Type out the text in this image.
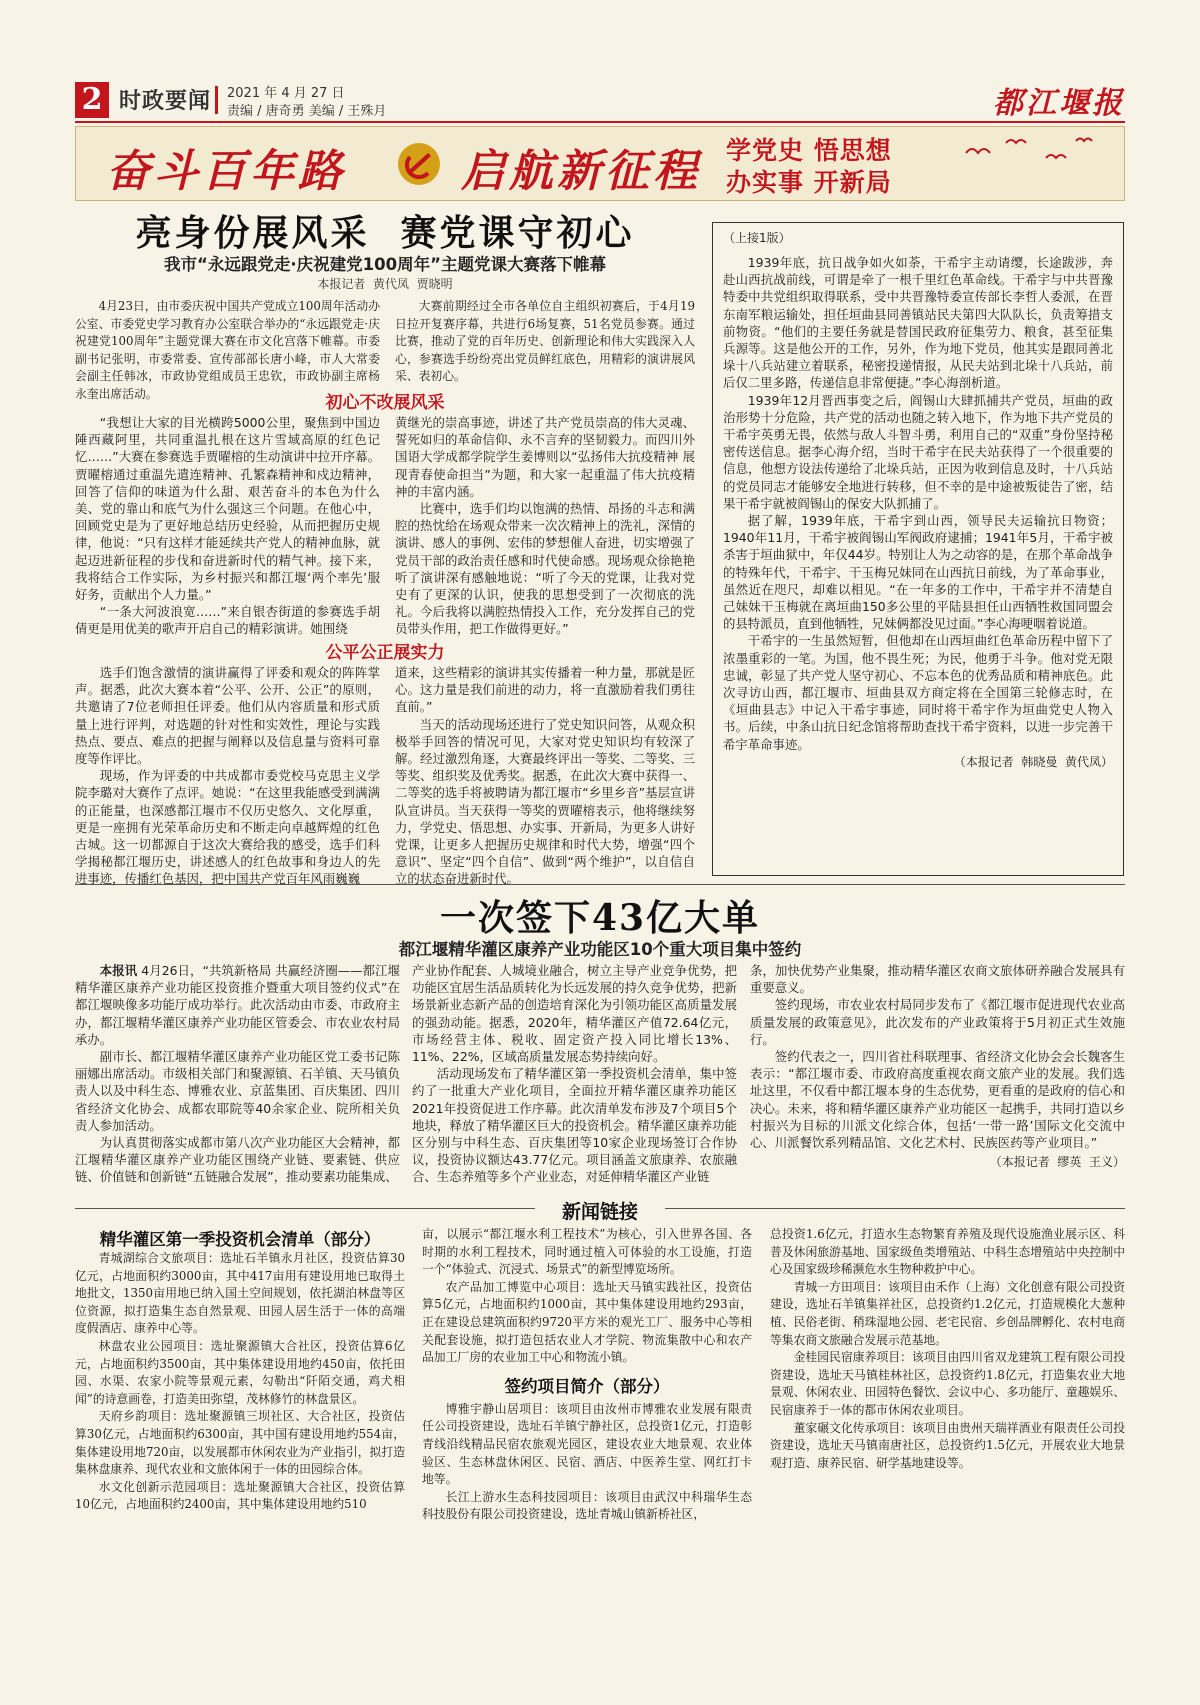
2 时政要闻 2021 年 4 月 27 日
责编 / 唐奇勇 美编 / 王殊月	都江堰报
奋斗百年路	启航新征程 学党史 悟思想
办实事 开新局
亮身份展风采  赛党课守初心
我市“永远跟党走·庆祝建党100周年”主题党课大赛落下帷幕
本报记者  黄代凤  贾晓明

4月23日，由市委庆祝中国共产党成立100周年活动办公室、市委党史学习教育办公室联合举办的“永远跟党走·庆祝建党100周年”主题党课大赛在市文化宫落下帷幕。市委副书记张明，市委常委、宣传部部长唐小峰，市人大常委会副主任韩冰，市政协党组成员王忠钦，市政协副主席杨永奎出席活动。

大赛前期经过全市各单位自主组织初赛后，于4月19日拉开复赛序幕，共进行6场复赛，51名党员参赛。通过比赛，推动了党的百年历史、创新理论和伟大实践深入人心，参赛选手纷纷亮出党员鲜红底色，用精彩的演讲展风采、表初心。

初心不改展风采

“我想让大家的目光横跨5000公里，聚焦到中国边陲西藏阿里，共同重温扎根在这片雪域高原的红色记忆……”大赛在参赛选手贾曜榕的生动演讲中拉开序幕。贾曜榕通过重温先遣连精神、孔繁森精神和戍边精神，回答了信仰的味道为什么甜、艰苦奋斗的本色为什么美、党的靠山和底气为什么强这三个问题。在他心中，回顾党史是为了更好地总结历史经验，从而把握历史规律，他说：“只有这样才能延续共产党人的精神血脉，就起迈进新征程的步伐和奋进新时代的精气神。接下来，我将结合工作实际，为乡村振兴和都江堰‘两个率先’服好务，贡献出个人力量。”

“一条大河波浪宽……”来自银杏街道的参赛选手胡倩更是用优美的歌声开启自己的精彩演讲。她围绕

黄继光的崇高事迹，讲述了共产党员崇高的伟大灵魂、誓死如归的革命信仰、永不言弃的坚韧毅力。而四川外国语大学成都学院学生姜博则以“弘扬伟大抗疫精神 展现青春使命担当”为题，和大家一起重温了伟大抗疫精神的丰富内涵。

比赛中，选手们均以饱满的热情、昂扬的斗志和满腔的热忱给在场观众带来一次次精神上的洗礼，深情的演讲、感人的事例、宏伟的梦想催人奋进，切实增强了党员干部的政治责任感和时代使命感。现场观众徐艳艳听了演讲深有感触地说：“听了今天的党课，让我对党史有了更深的认识，使我的思想受到了一次彻底的洗礼。今后我将以满腔热情投入工作，充分发挥自己的党员带头作用，把工作做得更好。”

公平公正展实力

选手们饱含激情的演讲赢得了评委和观众的阵阵掌声。据悉，此次大赛本着“公平、公开、公正”的原则，共邀请了7位老师担任评委。他们从内容质量和形式质量上进行评判，对选题的针对性和实效性，理论与实践热点、要点、难点的把握与阐释以及信息量与资料可靠度等作评比。

现场，作为评委的中共成都市委党校马克思主义学院李璐对大赛作了点评。她说：“在这里我能感受到满满的正能量，也深感都江堰市不仅历史悠久、文化厚重，更是一座拥有光荣革命历史和不断走向卓越辉煌的红色古城。这一切都源自于这次大赛给我的感受，选手们科学揭秘都江堰历史，讲述感人的红色故事和身边人的先进事迹，传播红色基因，把中国共产党百年风雨巍巍

道来，这些精彩的演讲其实传播着一种力量，那就是匠心。这力量是我们前进的动力，将一直激励着我们勇往直前。”

当天的活动现场还进行了党史知识问答，从观众积极举手回答的情况可见，大家对党史知识均有较深了解。经过激烈角逐，大赛最终评出一等奖、二等奖、三等奖、组织奖及优秀奖。据悉，在此次大赛中获得一、二等奖的选手将被聘请为都江堰市“乡里乡音”基层宣讲队宣讲员。当天获得一等奖的贾曜榕表示，他将继续努力，学党史、悟思想、办实事、开新局，为更多人讲好党课，让更多人把握历史规律和时代大势，增强“四个意识”、坚定“四个自信”、做到“两个维护”，以自信自立的状态奋进新时代。

（上接1版）

1939年底，抗日战争如火如荼，干希宇主动请缨，长途跋涉，奔赴山西抗战前线，可谓是牵了一根千里红色革命线。干希宇与中共晋豫特委中共党组织取得联系，受中共晋豫特委宣传部长李哲人委派，在晋东南军粮运输处，担任垣曲县同善镇站民夫第四大队队长，负责筹措支前物资。“他们的主要任务就是替国民政府征集劳力、粮食，甚至征集兵源等。这是他公开的工作，另外，作为地下党员，他其实是跟同善北垛十八兵站建立着联系，秘密投递情报，从民夫站到北垛十八兵站，前后仅二里多路，传递信息非常便捷。”李心海剖析道。

1939年12月晋西事变之后，阎锡山大肆抓捕共产党员，垣曲的政治形势十分危险，共产党的活动也随之转入地下，作为地下共产党员的干希宇英勇无畏，依然与敌人斗智斗勇，利用自己的“双重”身份坚持秘密传送信息。据李心海介绍，当时干希宇在民夫站获得了一个很重要的信息，他想方设法传递给了北垛兵站，正因为收到信息及时，十八兵站的党员同志才能够安全地进行转移，但不幸的是中途被叛徒告了密，结果干希宇就被阎锡山的保安大队抓捕了。

据了解，1939年底，干希宇到山西，领导民夫运输抗日物资；1940年11月，干希宇被阎锡山军阀政府逮捕；1941年5月，干希宇被杀害于垣曲狱中，年仅44岁。特别让人为之动容的是，在那个革命战争的特殊年代，干希宇、干玉梅兄妹同在山西抗日前线，为了革命事业，虽然近在咫尺，却难以相见。“在一年多的工作中，干希宇并不清楚自己妹妹干玉梅就在离垣曲150多公里的平陆县担任山西牺牲救国同盟会的县特派员，直到他牺牲，兄妹俩都没见过面。”李心海哽咽着说道。

干希宇的一生虽然短暂，但他却在山西垣曲红色革命历程中留下了浓墨重彩的一笔。为国，他不畏生死；为民，他勇于斗争。他对党无限忠诚，彰显了共产党人坚守初心、不忘本色的优秀品质和精神底色。此次寻访山西，都江堰市、垣曲县双方商定将在全国第三轮修志时，在《垣曲县志》中记入干希宇事迹，同时将干希宇作为垣曲党史人物入书。后续，中条山抗日纪念馆将帮助查找干希宇资料，以进一步完善干希宇革命事迹。

（本报记者  韩晓曼  黄代凤）
一次签下43亿大单
都江堰精华灌区康养产业功能区10个重大项目集中签约

本报讯 4月26日，“共筑新格局 共赢经济圈——都江堰精华灌区康养产业功能区投资推介暨重大项目签约仪式”在都江堰映像多功能厅成功举行。此次活动由市委、市政府主办，都江堰精华灌区康养产业功能区管委会、市农业农村局承办。

副市长、都江堰精华灌区康养产业功能区党工委书记陈丽娜出席活动。市级相关部门和聚源镇、石羊镇、天马镇负责人以及中科生态、博雅农业、京蓝集团、百庆集团、四川省经济文化协会、成都农耶院等40余家企业、院所相关负责人参加活动。

为认真贯彻落实成都市第八次产业功能区大会精神，都江堰精华灌区康养产业功能区围绕产业链、要素链、供应链、价值链和创新链“五链融合发展”，推动要素功能集成、

产业协作配套、人城境业融合，树立主导产业竞争优势，把功能区宜居生活品质转化为长远发展的持久竞争优势，把新场景新业态新产品的创造培育深化为引领功能区高质量发展的强劲动能。据悉，2020年，精华灌区产值72.64亿元，市场经营主体、税收、固定资产投入同比增长13%、11%、22%，区域高质量发展态势持续向好。

活动现场发布了精华灌区第一季投资机会清单，集中签约了一批重大产业化项目，全面拉开精华灌区康养功能区2021年投资促进工作序幕。此次清单发布涉及7个项目5个地块，释放了精华灌区巨大的投资机会。精华灌区康养功能区分别与中科生态、百庆集团等10家企业现场签订合作协议，投资协议额达43.77亿元。项目涵盖文旅康养、农旅融合、生态养殖等多个产业业态，对延伸精华灌区产业链

条，加快优势产业集聚，推动精华灌区农商文旅体研养融合发展具有重要意义。

签约现场，市农业农村局同步发布了《都江堰市促进现代农业高质量发展的政策意见》，此次发布的产业政策将于5月初正式生效施行。

签约代表之一，四川省社科联理事、省经济文化协会会长魏客生表示：“都江堰市委、市政府高度重视农商文旅产业的发展。我们选址这里，不仅看中都江堰本身的生态优势，更看重的是政府的信心和决心。未来，将和精华灌区康养产业功能区一起携手，共同打造以乡村振兴为目标的川派文化综合体，包括‘一带一路’国际文化交流中心、川派餐饮系列精品馆、文化艺术村、民族医药等产业项目。”

（本报记者  缪英  王义）
新闻链接
精华灌区第一季投资机会清单（部分）

青城湖综合文旅项目：选址石羊镇永月社区，投资估算30亿元，占地面积约3000亩，其中417亩用有建设用地已取得土地批文，1350亩用地已纳入国土空间规划，依托湖泊林盘等区位资源，拟打造集生态自然景观、田园人居生活于一体的高端度假酒店、康养中心等。

林盘农业公园项目：选址聚源镇大合社区，投资估算6亿元，占地面积约3500亩，其中集体建设用地约450亩，依托田园、水渠、农家小院等景观元素，勾勒出“阡陌交通，鸡犬相闻”的诗意画卷，打造美田弥望，茂林修竹的林盘景区。

天府乡韵项目：选址聚源镇三坝社区、大合社区，投资估算30亿元，占地面积约6300亩，其中国有建设用地约554亩，集体建设用地720亩，以发展都市休闲农业为产业指引，拟打造集林盘康养、现代农业和文旅体闲于一体的田园综合体。

水文化创新示范园项目：选址聚源镇大合社区，投资估算10亿元，占地面积约2400亩，其中集体建设用地约510

亩，以展示“都江堰水利工程技术”为核心，引入世界各国、各时期的水利工程技术，同时通过植入可体验的水工设施，打造一个“体验式、沉浸式、场景式”的新型博览场所。

农产品加工博览中心项目：选址天马镇实践社区，投资估算5亿元，占地面积约1000亩，其中集体建设用地约293亩，正在建设总建筑面积约9720平方米的观光工厂、服务中心等相关配套设施，拟打造包括农业人才学院、物流集散中心和农产品加工厂房的农业加工中心和物流小镇。

签约项目简介（部分）

博雅宇静山居项目：该项目由汝州市博雅农业发展有限责任公司投资建设，选址石羊镇宁静社区，总投资1亿元，打造彰青线沿线精品民宿农旅观光园区，建设农业大地景观、农业体验区、生态林盘休闲区、民宿、酒店、中医养生堂、网红打卡地等。

长江上游水生态科技园项目：该项目由武汉中科瑞华生态科技股份有限公司投资建设，选址青城山镇新桥社区，

总投资1.6亿元，打造水生态物繁育养殖及现代设施渔业展示区、科普及休闲旅游基地、国家级鱼类增殖站、中科生态增殖站中央控制中心及国家级珍稀濒危水生物种救护中心。

青城一方田项目：该项目由禾作（上海）文化创意有限公司投资建设，选址石羊镇集祥社区，总投资约1.2亿元，打造规模化大葱种植、民俗老街、稍珠湿地公园、老宅民宿、乡创品牌孵化、农村电商等集农商文旅融合发展示范基地。

金桂园民宿康养项目：该项目由四川省双龙建筑工程有限公司投资建设，选址天马镇桂林社区，总投资约1.8亿元，打造集农业大地景观、休闲农业、田园特色餐饮、会议中心、多功能厅、童趣娱乐、民宿康养于一体的都市休闲农业项目。

董家碾文化传承项目：该项目由贵州天瑞祥酒业有限责任公司投资建设，选址天马镇南唐社区，总投资约1.5亿元，开展农业大地景观打造、康养民宿、研学基地建设等。
